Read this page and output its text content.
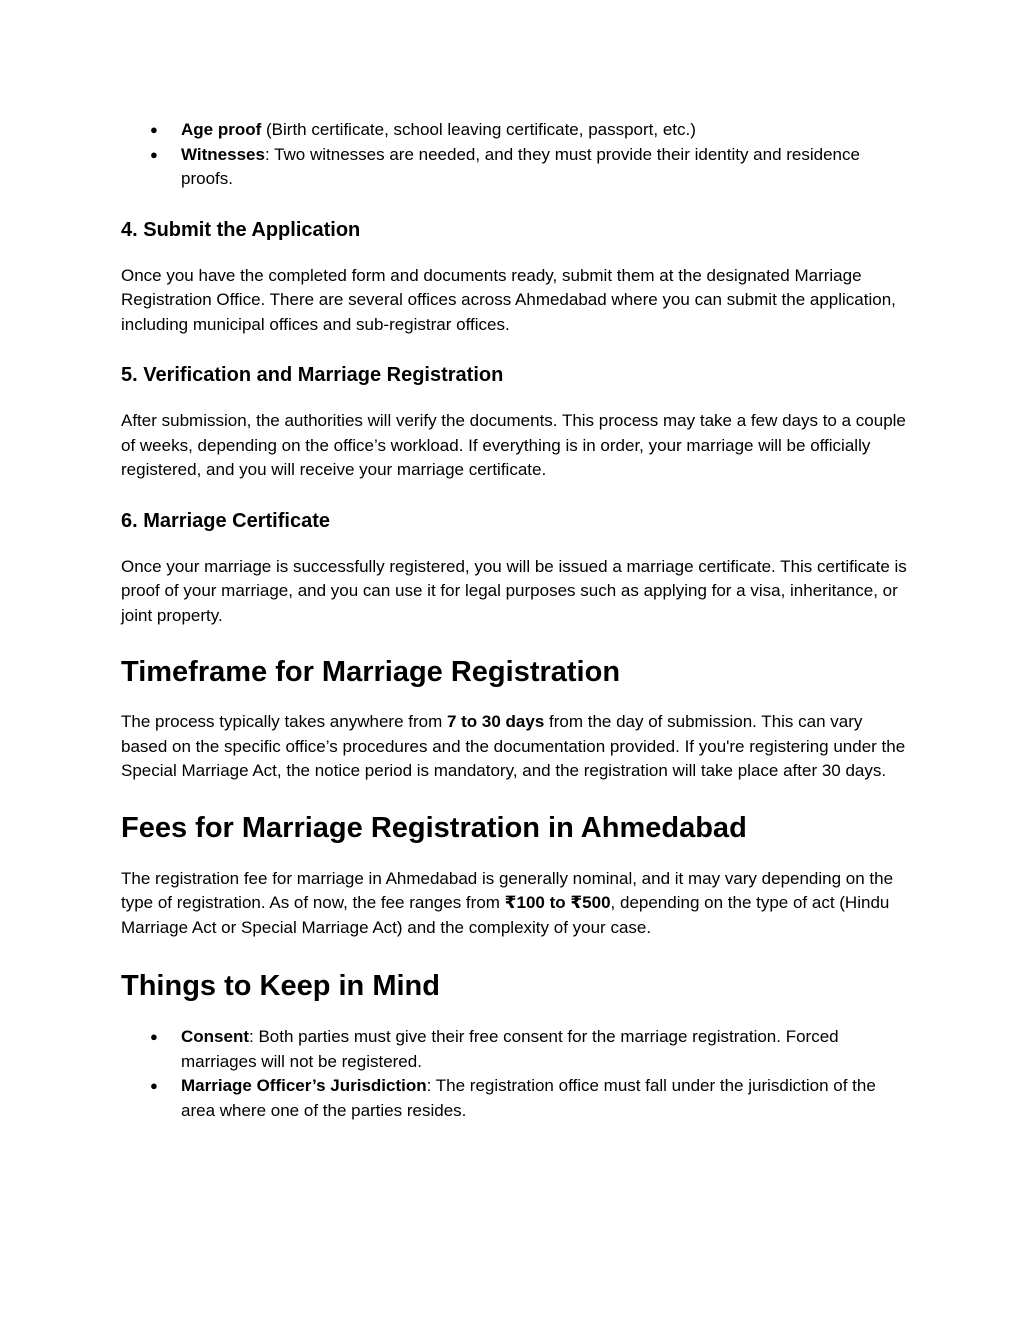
● Age proof (Birth certificate, school leaving certificate, passport, etc.)
● Witnesses: Two witnesses are needed, and they must provide their identity and residence proofs.
4. Submit the Application

Once you have the completed form and documents ready, submit them at the designated Marriage Registration Office. There are several offices across Ahmedabad where you can submit the application, including municipal offices and sub-registrar offices.

5. Verification and Marriage Registration

After submission, the authorities will verify the documents. This process may take a few days to a couple of weeks, depending on the office’s workload. If everything is in order, your marriage will be officially registered, and you will receive your marriage certificate.

6. Marriage Certificate

Once your marriage is successfully registered, you will be issued a marriage certificate. This certificate is proof of your marriage, and you can use it for legal purposes such as applying for a visa, inheritance, or joint property.

Timeframe for Marriage Registration

The process typically takes anywhere from 7 to 30 days from the day of submission. This can vary based on the specific office’s procedures and the documentation provided. If you're registering under the Special Marriage Act, the notice period is mandatory, and the registration will take place after 30 days.

Fees for Marriage Registration in Ahmedabad

The registration fee for marriage in Ahmedabad is generally nominal, and it may vary depending on the type of registration. As of now, the fee ranges from ₹100 to ₹500, depending on the type of act (Hindu Marriage Act or Special Marriage Act) and the complexity of your case.

Things to Keep in Mind
● Consent: Both parties must give their free consent for the marriage registration. Forced marriages will not be registered.
● Marriage Officer’s Jurisdiction: The registration office must fall under the jurisdiction of the area where one of the parties resides.
